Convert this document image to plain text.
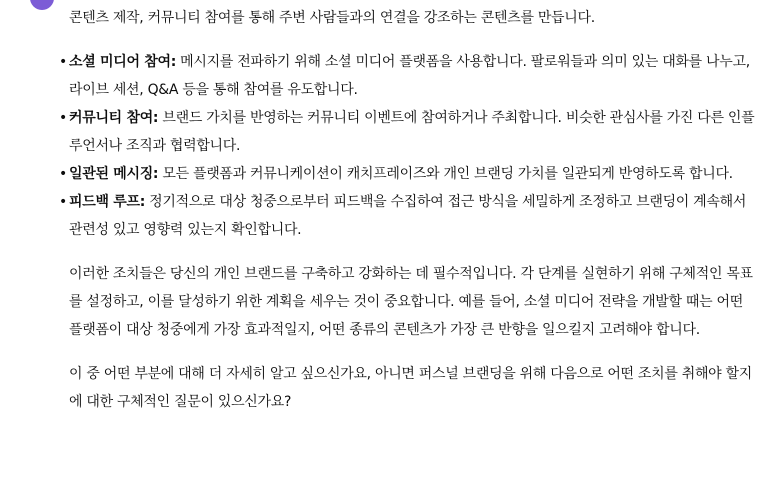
콘텐츠 제작, 커뮤니티 참여를 통해 주변 사람들과의 연결을 강조하는 콘텐츠를 만듭니다.

•
소셜 미디어 참여: 메시지를 전파하기 위해 소셜 미디어 플랫폼을 사용합니다. 팔로워들과 의미 있는 대화를 나누고, 라이브 세션, Q&A 등을 통해 참여를 유도합니다.
•
커뮤니티 참여: 브랜드 가치를 반영하는 커뮤니티 이벤트에 참여하거나 주최합니다. 비슷한 관심사를 가진 다른 인플루언서나 조직과 협력합니다.
•
일관된 메시징: 모든 플랫폼과 커뮤니케이션이 캐치프레이즈와 개인 브랜딩 가치를 일관되게 반영하도록 합니다.
•
피드백 루프: 정기적으로 대상 청중으로부터 피드백을 수집하여 접근 방식을 세밀하게 조정하고 브랜딩이 계속해서 관련성 있고 영향력 있는지 확인합니다.

이러한 조치들은 당신의 개인 브랜드를 구축하고 강화하는 데 필수적입니다. 각 단계를 실현하기 위해 구체적인 목표를 설정하고, 이를 달성하기 위한 계획을 세우는 것이 중요합니다. 예를 들어, 소셜 미디어 전략을 개발할 때는 어떤 플랫폼이 대상 청중에게 가장 효과적일지, 어떤 종류의 콘텐츠가 가장 큰 반향을 일으킬지 고려해야 합니다.

이 중 어떤 부분에 대해 더 자세히 알고 싶으신가요, 아니면 퍼스널 브랜딩을 위해 다음으로 어떤 조치를 취해야 할지에 대한 구체적인 질문이 있으신가요?
